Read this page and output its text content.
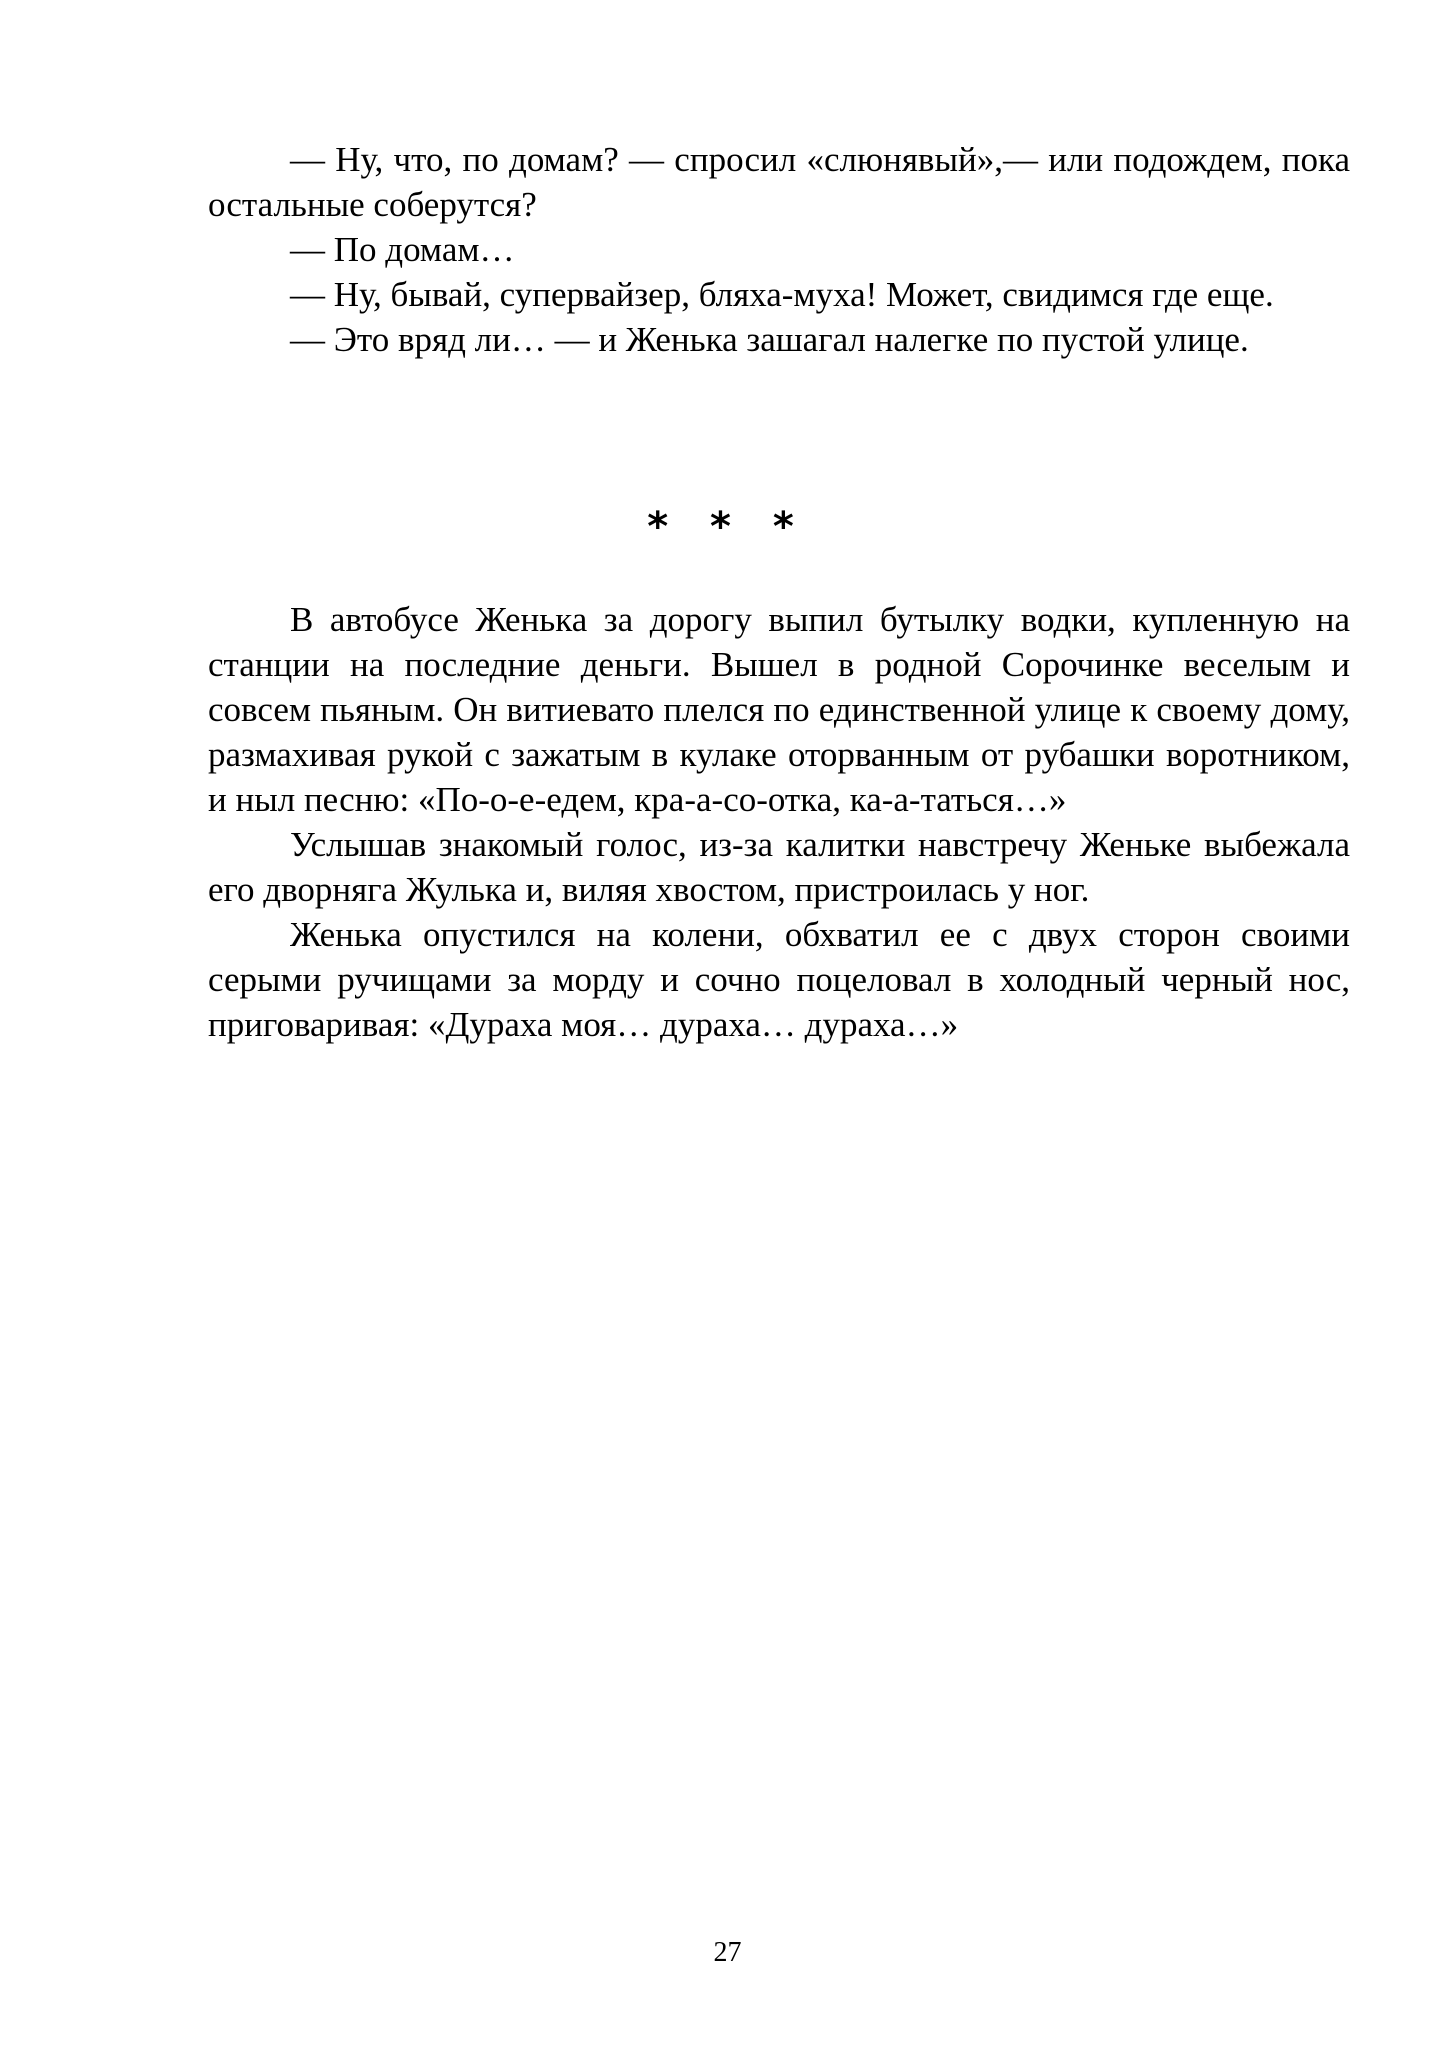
— Ну, что, по домам? — спросил «слюнявый»,— или подождем, пока остальные соберутся?

— По домам…

— Ну, бывай, супервайзер, бляха-муха! Может, свидимся где еще.

— Это вряд ли… — и Женька зашагал налегке по пустой улице.

* * *

В автобусе Женька за дорогу выпил бутылку водки, купленную на станции на последние деньги. Вышел в родной Сорочинке веселым и совсем пьяным. Он витиевато плелся по единственной улице к своему дому, размахивая рукой с зажатым в кулаке оторванным от рубашки воротником, и ныл песню: «По-о-е-едем, кра-а-со-отка, ка-а-таться…»

Услышав знакомый голос, из-за калитки навстречу Женьке выбежала его дворняга Жулька и, виляя хвостом, пристроилась у ног.

Женька опустился на колени, обхватил ее с двух сторон своими серыми ручищами за морду и сочно поцеловал в холодный черный нос, приговаривая: «Дураха моя… дураха… дураха…»

27
